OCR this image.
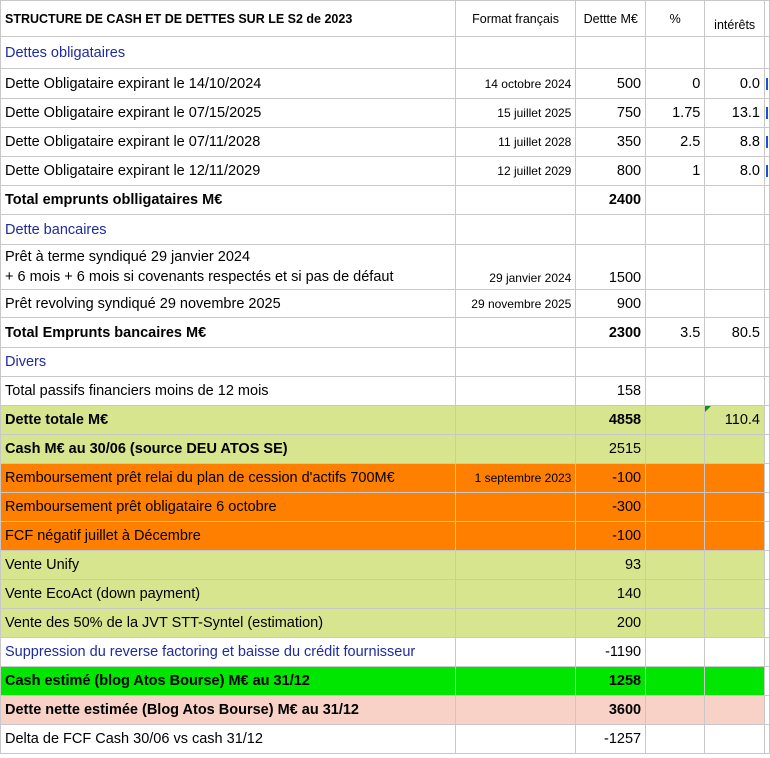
STRUCTURE DE CASH ET DE DETTES SUR LE S2 de 2023	Format français	Dettte M€	%	intérêts	
Dettes obligataires					
Dette Obligataire expirant le 14/10/2024	14 octobre 2024	500	0	0.0	

Dette Obligataire expirant le 07/15/2025	15 juillet 2025	750	1.75	13.1	

Dette Obligataire expirant le 07/11/2028	11 juillet 2028	350	2.5	8.8	

Dette Obligataire expirant le 12/11/2029	12 juillet 2029	800	1	8.0	

Total emprunts oblligataires M€		2400			
Dette bancaires					
Prêt à terme syndiqué 29 janvier 2024
+ 6 mois + 6 mois si covenants respectés et si pas de défaut	29 janvier 2024	1500			
Prêt revolving syndiqué 29 novembre 2025	29 novembre 2025	900			
Total Emprunts bancaires M€		2300	3.5	80.5	
Divers					
Total passifs financiers moins de 12 mois		158			
Dette totale M€		4858		110.4	
Cash M€ au 30/06 (source DEU ATOS SE)		2515			
Remboursement prêt relai du plan de cession d'actifs 700M€	1 septembre 2023	-100			
Remboursement prêt obligataire 6 octobre		-300			
FCF négatif juillet à Décembre		-100			
Vente Unify		93			
Vente EcoAct (down payment)		140			
Vente des 50% de la JVT STT-Syntel (estimation)		200			
Suppression du reverse factoring et baisse du crédit fournisseur		-1190			
Cash estimé (blog Atos Bourse) M€ au 31/12		1258			
Dette nette estimée (Blog Atos Bourse) M€ au 31/12		3600			
Delta de FCF Cash 30/06 vs cash 31/12		-1257			
